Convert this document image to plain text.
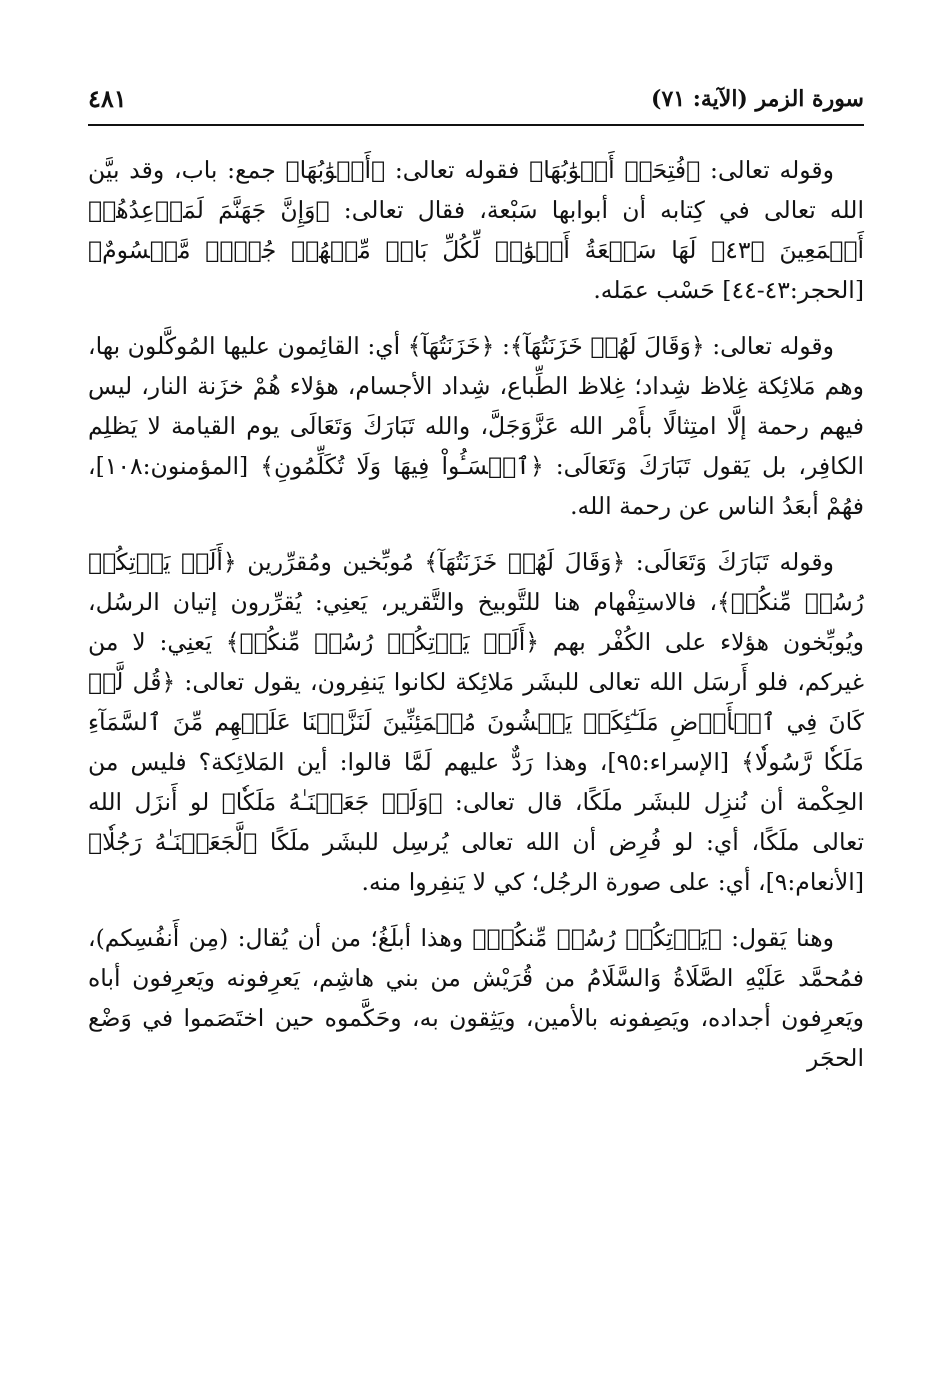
سورة الزمر (الآية: ٧١)
٤٨١

وقوله تعالى: ﴿فُتِحَتۡ أَبۡوَٰبُهَا﴾ فقوله تعالى: ﴿أَبۡوَٰبُهَا﴾ جمع: باب، وقد بيَّن الله تعالى في كِتابه أن أبوابها سَبْعة، فقال تعالى: ﴿وَإِنَّ جَهَنَّمَ لَمَوۡعِدُهُمۡ أَجۡمَعِينَ ﴿٤٣﴾ لَهَا سَبۡعَةُ أَبۡوَٰبٖ لِّكُلِّ بَابٖ مِّنۡهُمۡ جُزۡءٞ مَّقۡسُومٌ﴾ [الحجر:٤٣-٤٤] حَسْب عمَله.

وقوله تعالى: ﴿وَقَالَ لَهُمۡ خَزَنَتُهَآ﴾: ﴿خَزَنَتُهَآ﴾ أي: القائِمون عليها المُوكَّلون بها، وهم مَلائِكة غِلاظ شِداد؛ غِلاظ الطِّباع، شِداد الأجسام، هؤلاء هُمْ خزَنة النار، ليس فيهم رحمة إلَّا امتِثالًا بأَمْر الله عَزَّوَجَلَّ، والله تَبَارَكَ وَتَعَالَى يوم القيامة لا يَظلِم الكافِر، بل يَقول تَبَارَكَ وَتَعَالَى: ﴿ٱخۡسَـُٔواْ فِيهَا وَلَا تُكَلِّمُونِ﴾ [المؤمنون:١٠٨]، فهُمْ أبعَدُ الناس عن رحمة الله.

وقوله تَبَارَكَ وَتَعَالَى: ﴿وَقَالَ لَهُمۡ خَزَنَتُهَآ﴾ مُوبِّخين ومُقرِّرين ﴿أَلَمۡ يَأۡتِكُمۡ رُسُلٞ مِّنكُمۡ﴾، فالاستِفْهام هنا للتَّوبيخ والتَّقرير، يَعنِي: يُقرِّرون إتيان الرسُل، ويُوبِّخون هؤلاء على الكُفْر بهم ﴿أَلَمۡ يَأۡتِكُمۡ رُسُلٞ مِّنكُمۡ﴾ يَعنِي: لا من غيركم، فلو أَرسَل الله تعالى للبشَر مَلائِكة لكانوا يَنفِرون، يقول تعالى: ﴿قُل لَّوۡ كَانَ فِي ٱلۡأَرۡضِ مَلَـٰٓئِكَةٞ يَمۡشُونَ مُطۡمَئِنِّينَ لَنَزَّلۡنَا عَلَيۡهِم مِّنَ ٱلسَّمَآءِ مَلَكٗا رَّسُولٗا﴾ [الإسراء:٩٥]، وهذا رَدٌّ عليهم لَمَّا قالوا: أين المَلائِكة؟ فليس من الحِكْمة أن نُنزِل للبشَر ملَكًا، قال تعالى: ﴿وَلَوۡ جَعَلۡنَـٰهُ مَلَكٗا﴾ لو أَنزَل الله تعالى ملَكًا، أي: لو فُرِض أن الله تعالى يُرسِل للبشَر ملَكًا ﴿لَّجَعَلۡنَـٰهُ رَجُلٗا﴾ [الأنعام:٩]، أي: على صورة الرجُل؛ كي لا يَنفِروا منه.

وهنا يَقول: ﴿يَأۡتِكُمۡ رُسُلٞ مِّنكُمۡ﴾ وهذا أبلَغُ؛ من أن يُقال: (مِن أَنفُسِكم)، فمُحمَّد عَلَيْهِ الصَّلَاةُ وَالسَّلَامُ من قُرَيْش من بني هاشِم، يَعرِفونه ويَعرِفون أباه ويَعرِفون أجداده، ويَصِفونه بالأمين، ويَثِقون به، وحَكَّموه حين اختَصَموا في وَضْع الحجَر
